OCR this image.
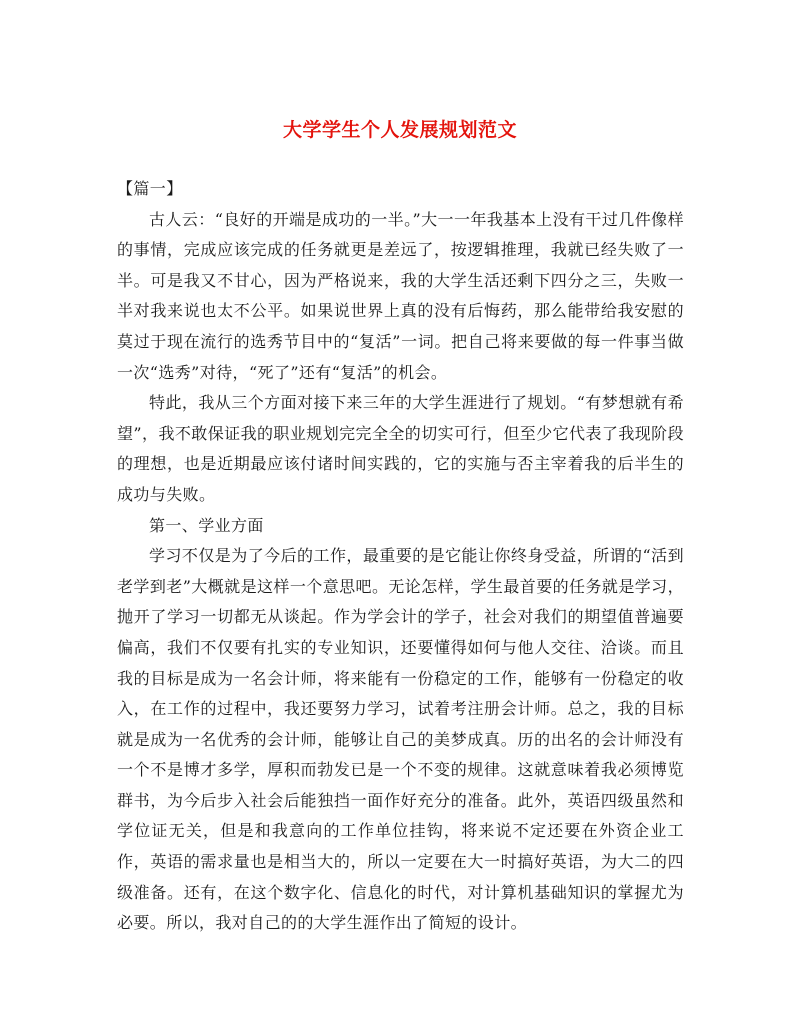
大学学生个人发展规划范文

【篇一】

古人云：“良好的开端是成功的一半。”大一一年我基本上没有干过几件像样的事情，完成应该完成的任务就更是差远了，按逻辑推理，我就已经失败了一半。可是我又不甘心，因为严格说来，我的大学生活还剩下四分之三，失败一半对我来说也太不公平。如果说世界上真的没有后悔药，那么能带给我安慰的莫过于现在流行的选秀节目中的“复活”一词。把自己将来要做的每一件事当做一次“选秀”对待，“死了”还有“复活”的机会。

特此，我从三个方面对接下来三年的大学生涯进行了规划。“有梦想就有希望”，我不敢保证我的职业规划完完全全的切实可行，但至少它代表了我现阶段的理想，也是近期最应该付诸时间实践的，它的实施与否主宰着我的后半生的成功与失败。

第一、学业方面

学习不仅是为了今后的工作，最重要的是它能让你终身受益，所谓的“活到老学到老”大概就是这样一个意思吧。无论怎样，学生最首要的任务就是学习，抛开了学习一切都无从谈起。作为学会计的学子，社会对我们的期望值普遍要偏高，我们不仅要有扎实的专业知识，还要懂得如何与他人交往、洽谈。而且我的目标是成为一名会计师，将来能有一份稳定的工作，能够有一份稳定的收入，在工作的过程中，我还要努力学习，试着考注册会计师。总之，我的目标就是成为一名优秀的会计师，能够让自己的美梦成真。历的出名的会计师没有一个不是博才多学，厚积而勃发已是一个不变的规律。这就意味着我必须博览群书，为今后步入社会后能独挡一面作好充分的准备。此外，英语四级虽然和学位证无关，但是和我意向的工作单位挂钩，将来说不定还要在外资企业工作，英语的需求量也是相当大的，所以一定要在大一时搞好英语，为大二的四级准备。还有，在这个数字化、信息化的时代，对计算机基础知识的掌握尤为必要。所以，我对自己的的大学生涯作出了简短的设计。
